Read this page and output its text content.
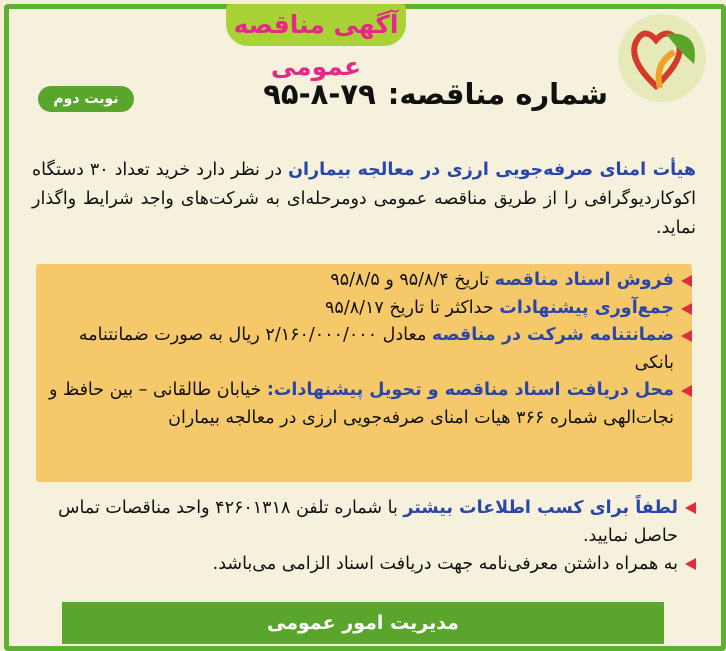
آگهی مناقصه عمومی
شماره مناقصه:۷۹-۸-۹۵
نوبت دوم
هیأت امنای صرفه‌جویی ارزی در معالجه بیماران در نظر دارد خرید تعداد ۳۰ دستگاه اکوکاردیوگرافی را از طریق مناقصه عمومی دومرحله‌ای به شرکت‌های واجد شرایط واگذار نماید.
فروش اسناد مناقصه تاریخ ۹۵/۸/۴ و ۹۵/۸/۵
جمع‌آوری پیشنهادات حداکثر تا تاریخ ۹۵/۸/۱۷
ضمانتنامه شرکت در مناقصه معادل ۲/۱۶۰/۰۰۰/۰۰۰ ریال به صورت ضمانتنامه بانکی
محل دریافت اسناد مناقصه و تحویل پیشنهادات: خیابان طالقانی – بین حافظ و نجات‌الهی شماره ۳۶۶ هیات امنای صرفه‌جویی ارزی در معالجه بیماران
لطفاً برای کسب اطلاعات بیشتر با شماره تلفن ۴۲۶۰۱۳۱۸ واحد مناقصات تماس حاصل نمایید.
به همراه داشتن معرفی‌نامه جهت دریافت اسناد الزامی می‌باشد.
مدیریت امور عمومی
